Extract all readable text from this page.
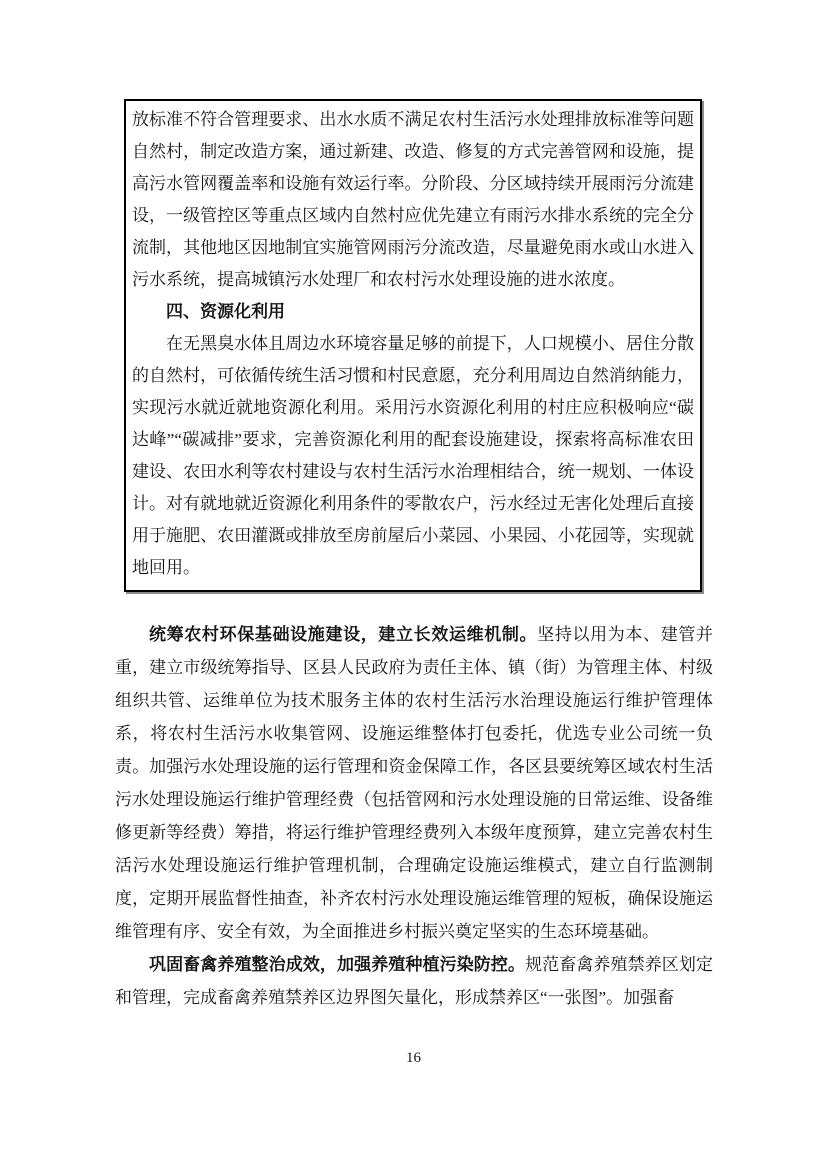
放标准不符合管理要求、出水水质不满足农村生活污水处理排放标准等问题自然村，制定改造方案，通过新建、改造、修复的方式完善管网和设施，提高污水管网覆盖率和设施有效运行率。分阶段、分区域持续开展雨污分流建设，一级管控区等重点区域内自然村应优先建立有雨污水排水系统的完全分流制，其他地区因地制宜实施管网雨污分流改造，尽量避免雨水或山水进入污水系统，提高城镇污水处理厂和农村污水处理设施的进水浓度。

四、资源化利用

在无黑臭水体且周边水环境容量足够的前提下，人口规模小、居住分散的自然村，可依循传统生活习惯和村民意愿，充分利用周边自然消纳能力，实现污水就近就地资源化利用。采用污水资源化利用的村庄应积极响应“碳达峰”“碳减排”要求，完善资源化利用的配套设施建设，探索将高标准农田建设、农田水利等农村建设与农村生活污水治理相结合，统一规划、一体设计。对有就地就近资源化利用条件的零散农户，污水经过无害化处理后直接用于施肥、农田灌溉或排放至房前屋后小菜园、小果园、小花园等，实现就地回用。

统筹农村环保基础设施建设，建立长效运维机制。坚持以用为本、建管并重，建立市级统筹指导、区县人民政府为责任主体、镇（街）为管理主体、村级组织共管、运维单位为技术服务主体的农村生活污水治理设施运行维护管理体系，将农村生活污水收集管网、设施运维整体打包委托，优选专业公司统一负责。加强污水处理设施的运行管理和资金保障工作，各区县要统筹区域农村生活污水处理设施运行维护管理经费（包括管网和污水处理设施的日常运维、设备维修更新等经费）筹措，将运行维护管理经费列入本级年度预算，建立完善农村生活污水处理设施运行维护管理机制，合理确定设施运维模式，建立自行监测制度，定期开展监督性抽查，补齐农村污水处理设施运维管理的短板，确保设施运维管理有序、安全有效，为全面推进乡村振兴奠定坚实的生态环境基础。

巩固畜禽养殖整治成效，加强养殖种植污染防控。规范畜禽养殖禁养区划定和管理，完成畜禽养殖禁养区边界图矢量化，形成禁养区“一张图”。加强畜

16
